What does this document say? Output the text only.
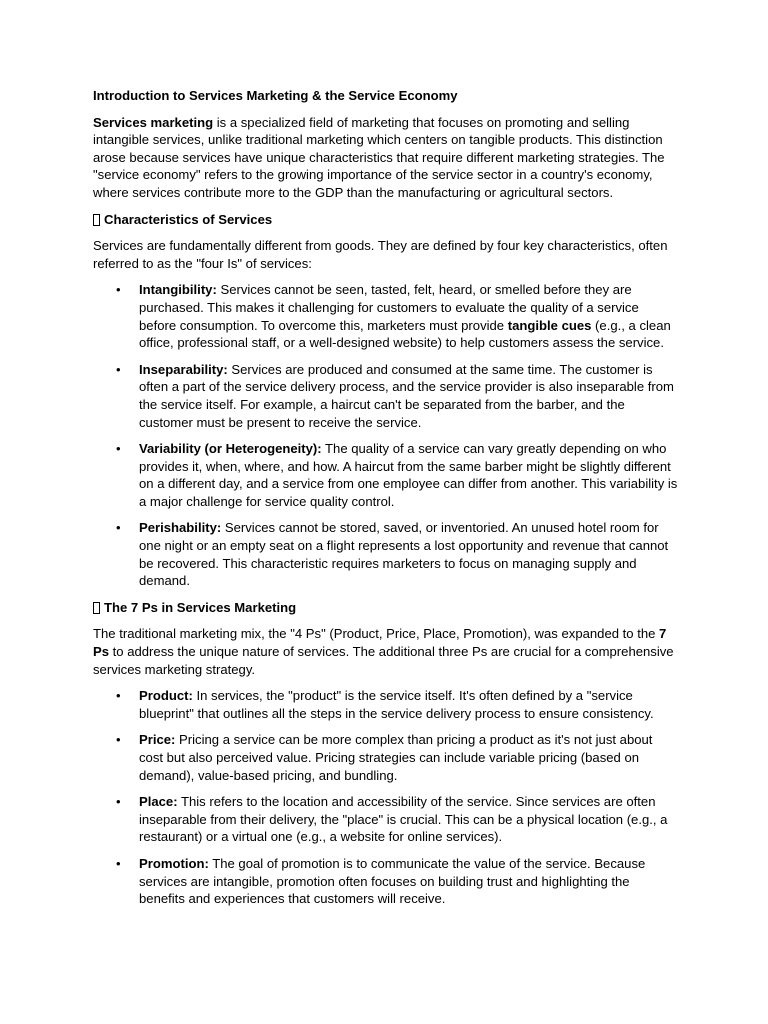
Introduction to Services Marketing & the Service Economy

Services marketing is a specialized field of marketing that focuses on promoting and selling intangible services, unlike traditional marketing which centers on tangible products. This distinction arose because services have unique characteristics that require different marketing strategies. The "service economy" refers to the growing importance of the service sector in a country's economy, where services contribute more to the GDP than the manufacturing or agricultural sectors.

Characteristics of Services

Services are fundamentally different from goods. They are defined by four key characteristics, often referred to as the "four Is" of services:

• Intangibility: Services cannot be seen, tasted, felt, heard, or smelled before they are purchased. This makes it challenging for customers to evaluate the quality of a service before consumption. To overcome this, marketers must provide tangible cues (e.g., a clean office, professional staff, or a well-designed website) to help customers assess the service.
• Inseparability: Services are produced and consumed at the same time. The customer is often a part of the service delivery process, and the service provider is also inseparable from the service itself. For example, a haircut can't be separated from the barber, and the customer must be present to receive the service.
• Variability (or Heterogeneity): The quality of a service can vary greatly depending on who provides it, when, where, and how. A haircut from the same barber might be slightly different on a different day, and a service from one employee can differ from another. This variability is a major challenge for service quality control.
• Perishability: Services cannot be stored, saved, or inventoried. An unused hotel room for one night or an empty seat on a flight represents a lost opportunity and revenue that cannot be recovered. This characteristic requires marketers to focus on managing supply and demand.

The 7 Ps in Services Marketing

The traditional marketing mix, the "4 Ps" (Product, Price, Place, Promotion), was expanded to the 7 Ps to address the unique nature of services. The additional three Ps are crucial for a comprehensive services marketing strategy.

• Product: In services, the "product" is the service itself. It's often defined by a "service blueprint" that outlines all the steps in the service delivery process to ensure consistency.
• Price: Pricing a service can be more complex than pricing a product as it's not just about cost but also perceived value. Pricing strategies can include variable pricing (based on demand), value-based pricing, and bundling.
• Place: This refers to the location and accessibility of the service. Since services are often inseparable from their delivery, the "place" is crucial. This can be a physical location (e.g., a restaurant) or a virtual one (e.g., a website for online services).
• Promotion: The goal of promotion is to communicate the value of the service. Because services are intangible, promotion often focuses on building trust and highlighting the benefits and experiences that customers will receive.
